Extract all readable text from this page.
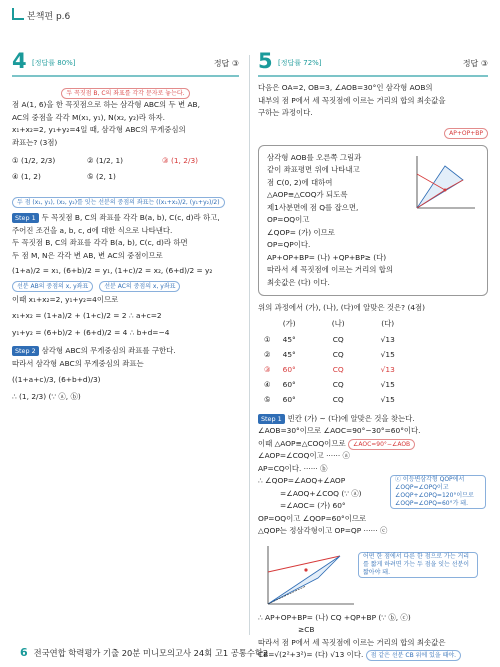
본책편 p.6
4 [정답률 80%]	정답 ③
두 꼭짓점 B, C의 좌표를 각각 문자로 놓는다.

점 A(1, 6)을 한 꼭짓점으로 하는 삼각형 ABC의 두 변 AB,

AC의 중점을 각각 M(x₁, y₁), N(x₂, y₂)라 하자.

x₁+x₂=2, y₁+y₂=4일 때, 삼각형 ABC의 무게중심의

좌표는? (3점)

① (1/2, 2/3)	② (1/2, 1)	③ (1, 2/3)
④ (1, 2)	⑤ (2, 1)
두 점 (x₁, y₁), (x₂, y₂)를 잇는 선분의 중점의 좌표는 ((x₁+x₂)/2, (y₁+y₂)/2)

Step 1 두 꼭짓점 B, C의 좌표를 각각 B(a, b), C(c, d)라 하고,

주어진 조건을 a, b, c, d에 대한 식으로 나타낸다.

두 꼭짓점 B, C의 좌표를 각각 B(a, b), C(c, d)라 하면

두 점 M, N은 각각 변 AB, 변 AC의 중점이므로

(1+a)/2 = x₁, (6+b)/2 = y₁, (1+c)/2 = x₂, (6+d)/2 = y₂

선분 AB의 중점의 x, y좌표	선분 AC의 중점의 x, y좌표

이때 x₁+x₂=2, y₁+y₂=4이므로

x₁+x₂ = (1+a)/2 + (1+c)/2 = 2 ∴ a+c=2

y₁+y₂ = (6+b)/2 + (6+d)/2 = 4 ∴ b+d=−4

Step 2 삼각형 ABC의 무게중심의 좌표를 구한다.

따라서 삼각형 ABC의 무게중심의 좌표는

((1+a+c)/3, (6+b+d)/3)

∴ (1, 2/3) (∵ ⓐ, ⓑ)

5 [정답률 72%]	정답 ③

다음은 OA=2, OB=3, ∠AOB=30°인 삼각형 AOB의

내부의 점 P에서 세 꼭짓점에 이르는 거리의 합의 최솟값을

구하는 과정이다.

AP+OP+BP

삼각형 AOB를 오른쪽 그림과

같이 좌표평면 위에 나타내고

점 C(0, 2)에 대하여

△AOP≡△COQ가 되도록

제1사분면에 점 Q를 잡으면,

OP=OQ이고

∠QOP= (가) 이므로

OP=QP이다.

AP+OP+BP= (나) +QP+BP≥ (다)

따라서 세 꼭짓점에 이르는 거리의 합의

최솟값은 (다) 이다.

위의 과정에서 (가), (나), (다)에 알맞은 것은? (4점)

	(가)	(나)	(다)
①	45°	CQ	√13
②	45°	CQ	√15
③	60°	CQ	√13
④	60°	CQ	√15
⑤	60°	CQ	√15

Step 1 빈칸 (가) ~ (다)에 알맞은 것을 찾는다.

∠AOB=30°이므로 ∠AOC=90°−30°=60°이다.

이때 △AOP≡△COQ이므로 ∠AOC=90°−∠AOB

∠AOP=∠COQ이고 ······ ⓐ

AP=CQ이다. ······ ⓑ

∴ ∠QOP=∠AOQ+∠AOP

=∠AOQ+∠COQ (∵ ⓐ)

=∠AOC= (가) 60°

OP=OQ이고 ∠QOP=60°이므로

ⓒ 이등변삼각형 QOP에서 ∠OQP=∠OPQ이고 ∠OQP+∠OPQ=120°이므로 ∠OQP=∠OPQ=60°가 돼.

△QOP는 정삼각형이고 OP=QP ······ ⓒ

어떤 한 점에서 다른 한 점으로 가는 거리를 짧게 하려면 가는 두 점을 잇는 선분이 짧아야 돼.

∴ AP+OP+BP= (나) CQ +QP+BP (∵ ⓑ, ⓒ)

≥CB

따라서 점 P에서 세 꼭짓점에 이르는 거리의 합의 최솟값은

CB=√(2²+3²)= (다) √13 이다. 점 같은 선분 CB 위에 있을 때야.

6 전국연합 학력평가 기출 20분 미니모의고사 24회 고1 공통수학2
